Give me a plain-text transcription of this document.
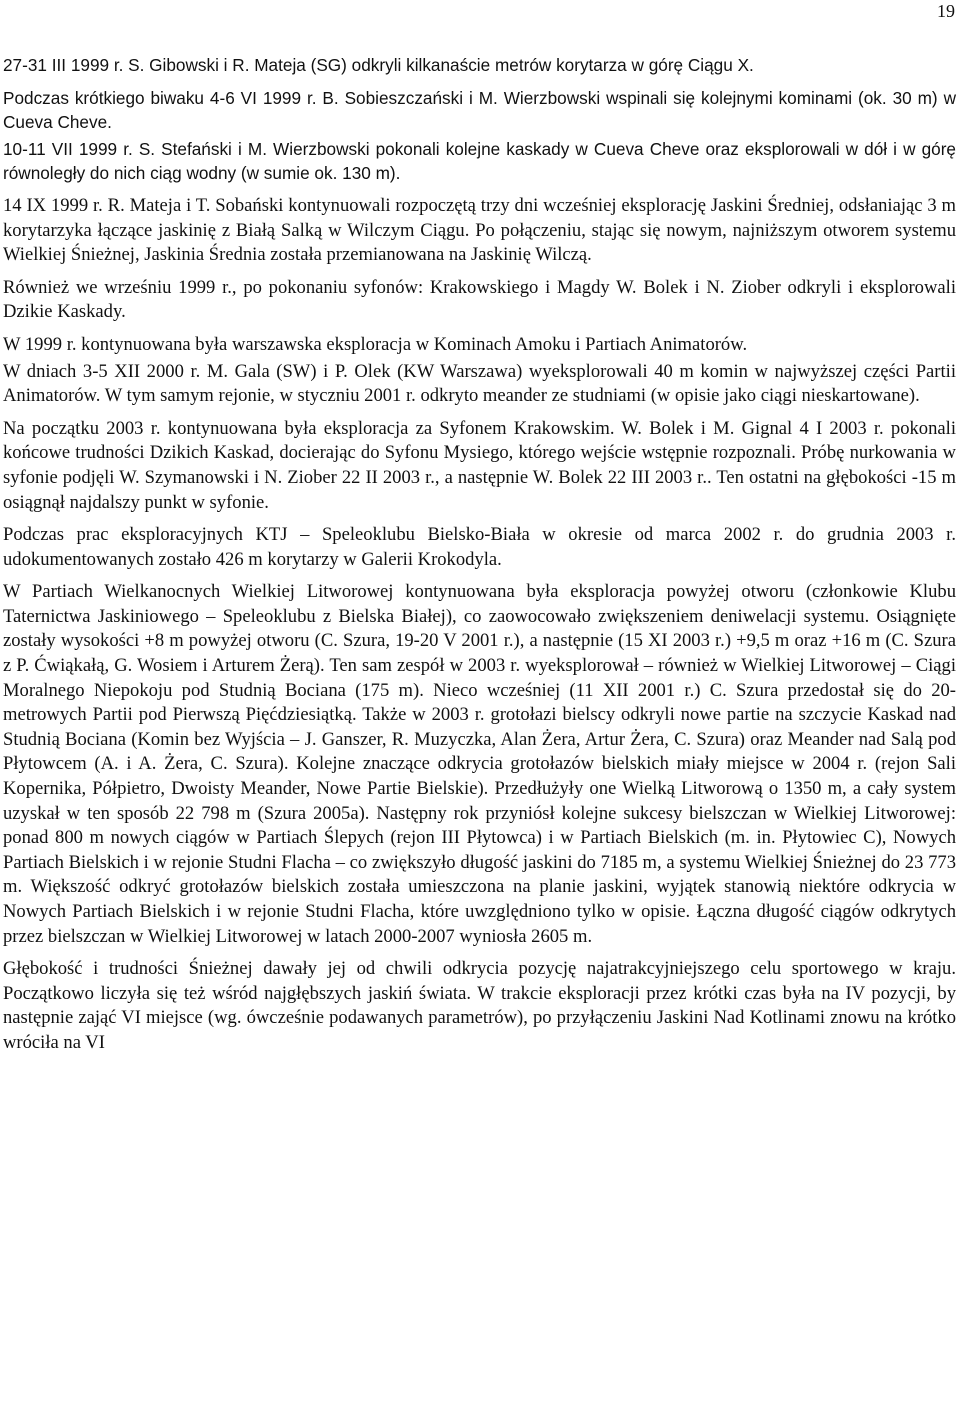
19

27-31 III 1999 r. S. Gibowski i R. Mateja (SG) odkryli kilkanaście metrów korytarza w górę Ciągu X.

Podczas krótkiego biwaku 4-6 VI 1999 r. B. Sobieszczański i M. Wierzbowski wspinali się kolejnymi kominami (ok. 30 m) w Cueva Cheve.

10-11 VII 1999 r. S. Stefański i M. Wierzbowski pokonali kolejne kaskady w Cueva Cheve oraz eksplorowali w dół i w górę równoległy do nich ciąg wodny (w sumie ok. 130 m).

14 IX 1999 r. R. Mateja i T. Sobański kontynuowali rozpoczętą trzy dni wcześniej eksplorację Jaskini Średniej, odsłaniając 3 m korytarzyka łączące jaskinię z Białą Salką w Wilczym Ciągu. Po połączeniu, stając się nowym, najniższym otworem systemu Wielkiej Śnieżnej, Jaskinia Średnia została przemianowana na Jaskinię Wilczą.

Również we wrześniu 1999 r., po pokonaniu syfonów: Krakowskiego i Magdy W. Bolek i N. Ziober odkryli i eksplorowali Dzikie Kaskady.

W 1999 r. kontynuowana była warszawska eksploracja w Kominach Amoku i Partiach Animatorów.

W dniach 3-5 XII 2000 r. M. Gala (SW) i P. Olek (KW Warszawa) wyeksplorowali 40 m komin w najwyższej części Partii Animatorów. W tym samym rejonie, w styczniu 2001 r. odkryto meander ze studniami (w opisie jako ciągi nieskartowane).

Na początku 2003 r. kontynuowana była eksploracja za Syfonem Krakowskim. W. Bolek i M. Gignal 4 I 2003 r. pokonali końcowe trudności Dzikich Kaskad, docierając do Syfonu Mysiego, którego wejście wstępnie rozpoznali. Próbę nurkowania w syfonie podjęli W. Szymanowski i N. Ziober 22 II 2003 r., a następnie W. Bolek 22 III 2003 r.. Ten ostatni na głębokości -15 m osiągnął najdalszy punkt w syfonie.

Podczas prac eksploracyjnych KTJ – Speleoklubu Bielsko-Biała w okresie od marca 2002 r. do grudnia 2003 r. udokumentowanych zostało 426 m korytarzy w Galerii Krokodyla.

W Partiach Wielkanocnych Wielkiej Litworowej kontynuowana była eksploracja powyżej otworu (członkowie Klubu Taternictwa Jaskiniowego – Speleoklubu z Bielska Białej), co zaowocowało zwiększeniem deniwelacji systemu. Osiągnięte zostały wysokości +8 m powyżej otworu (C. Szura, 19-20 V 2001 r.), a następnie (15 XI 2003 r.) +9,5 m oraz +16 m (C. Szura z P. Ćwiąkałą, G. Wosiem i Arturem Żerą). Ten sam zespół w 2003 r. wyeksplorował – również w Wielkiej Litworowej – Ciągi Moralnego Niepokoju pod Studnią Bociana (175 m). Nieco wcześniej (11 XII 2001 r.) C. Szura przedostał się do 20-metrowych Partii pod Pierwszą Pięćdziesiątką. Także w 2003 r. grotołazi bielscy odkryli nowe partie na szczycie Kaskad nad Studnią Bociana (Komin bez Wyjścia – J. Ganszer, R. Muzyczka, Alan Żera, Artur Żera, C. Szura) oraz Meander nad Salą pod Płytowcem (A. i A. Żera, C. Szura). Kolejne znaczące odkrycia grotołazów bielskich miały miejsce w 2004 r. (rejon Sali Kopernika, Półpietro, Dwoisty Meander, Nowe Partie Bielskie). Przedłużyły one Wielką Litworową o 1350 m, a cały system uzyskał w ten sposób 22 798 m (Szura 2005a). Następny rok przyniósł kolejne sukcesy bielszczan w Wielkiej Litworowej: ponad 800 m nowych ciągów w Partiach Ślepych (rejon III Płytowca) i w Partiach Bielskich (m. in. Płytowiec C), Nowych Partiach Bielskich i w rejonie Studni Flacha – co zwiększyło długość jaskini do 7185 m, a systemu Wielkiej Śnieżnej do 23 773 m. Większość odkryć grotołazów bielskich została umieszczona na planie jaskini, wyjątek stanowią niektóre odkrycia w Nowych Partiach Bielskich i w rejonie Studni Flacha, które uwzględniono tylko w opisie. Łączna długość ciągów odkrytych przez bielszczan w Wielkiej Litworowej w latach 2000-2007 wyniosła 2605 m.

Głębokość i trudności Śnieżnej dawały jej od chwili odkrycia pozycję najatrakcyjniejszego celu sportowego w kraju. Początkowo liczyła się też wśród najgłębszych jaskiń świata. W trakcie eksploracji przez krótki czas była na IV pozycji, by następnie zająć VI miejsce (wg. ówcześnie podawanych parametrów), po przyłączeniu Jaskini Nad Kotlinami znowu na krótko wróciła na VI
